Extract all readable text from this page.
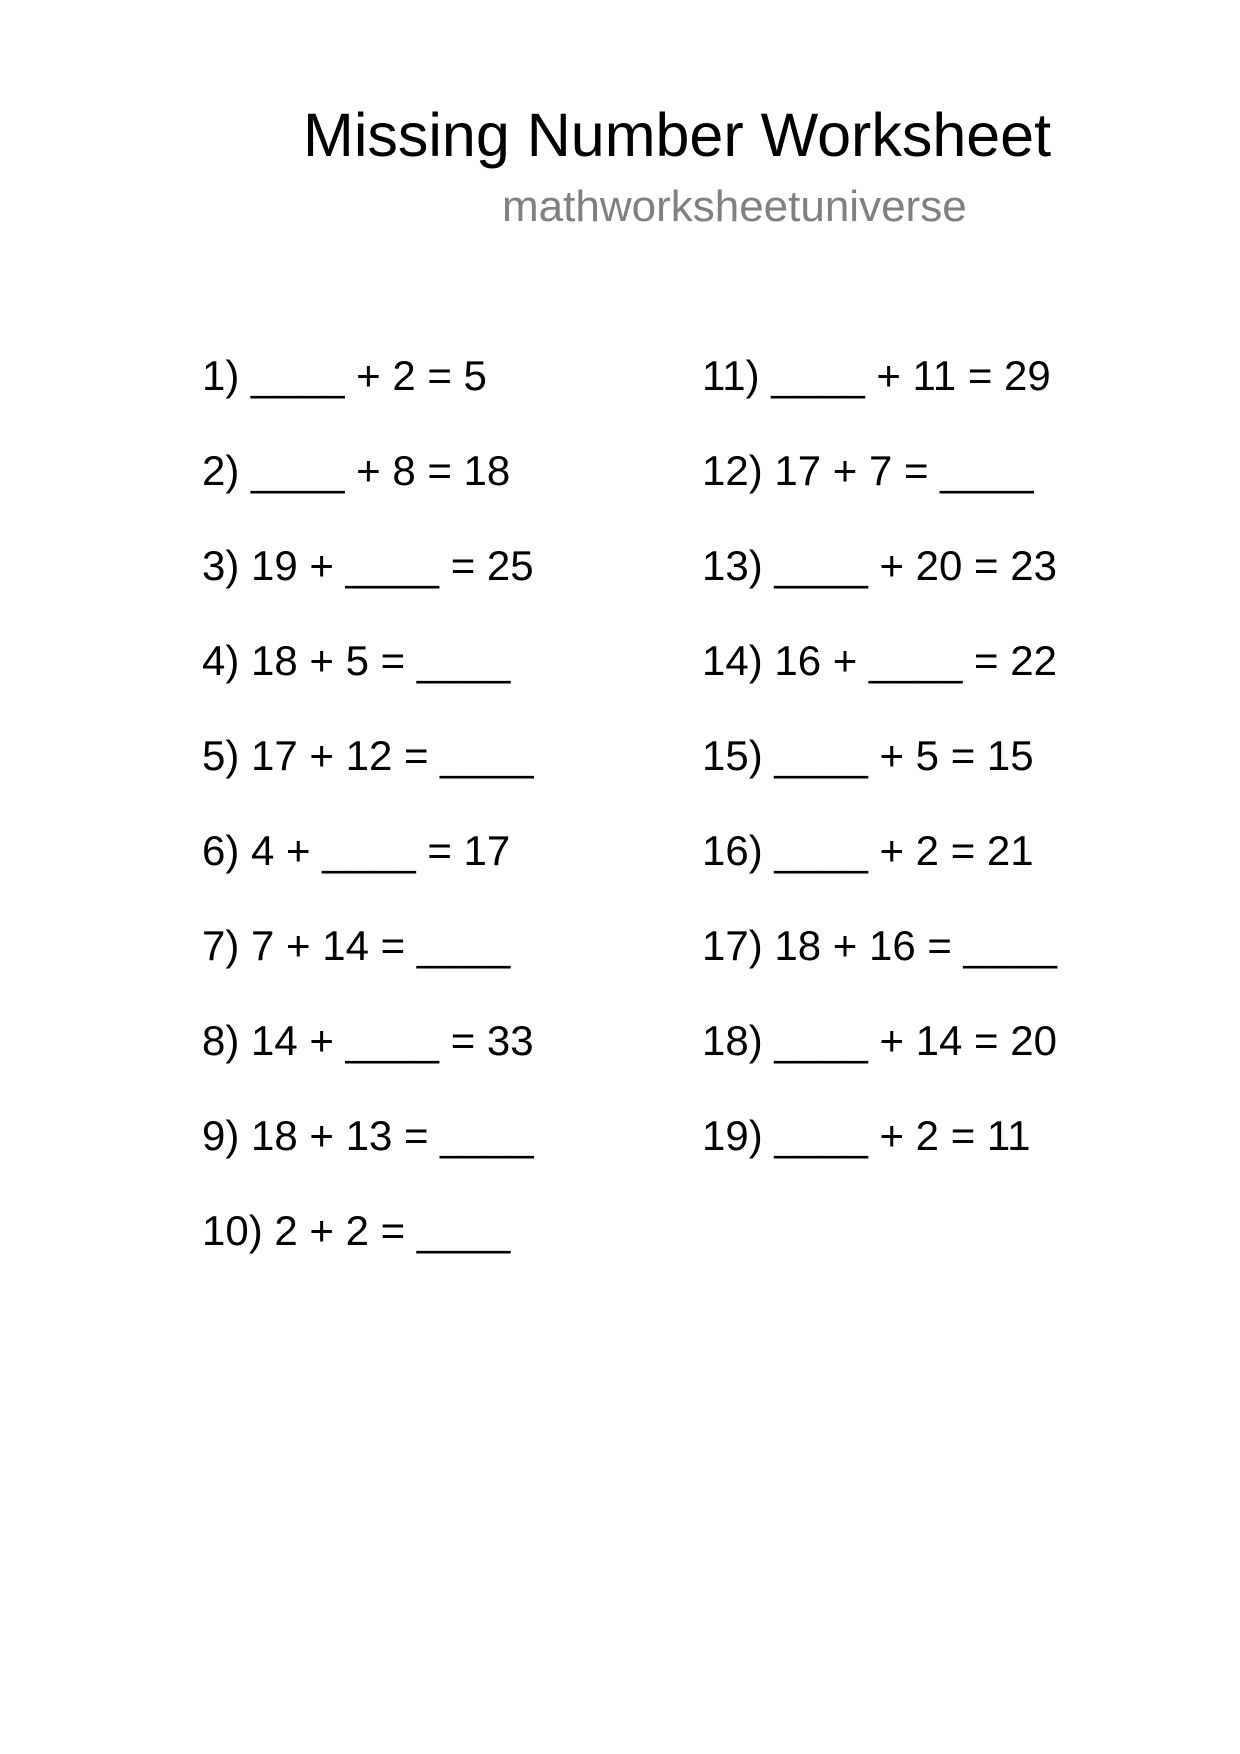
Missing Number Worksheet
mathworksheetuniverse
1) ____ + 2 = 5
2) ____ + 8 = 18
3) 19 + ____ = 25
4) 18 + 5 = ____
5) 17 + 12 = ____
6) 4 + ____ = 17
7) 7 + 14 = ____
8) 14 + ____ = 33
9) 18 + 13 = ____
10) 2 + 2 = ____
11) ____ + 11 = 29
12) 17 + 7 = ____
13) ____ + 20 = 23
14) 16 + ____ = 22
15) ____ + 5 = 15
16) ____ + 2 = 21
17) 18 + 16 = ____
18) ____ + 14 = 20
19) ____ + 2 = 11
